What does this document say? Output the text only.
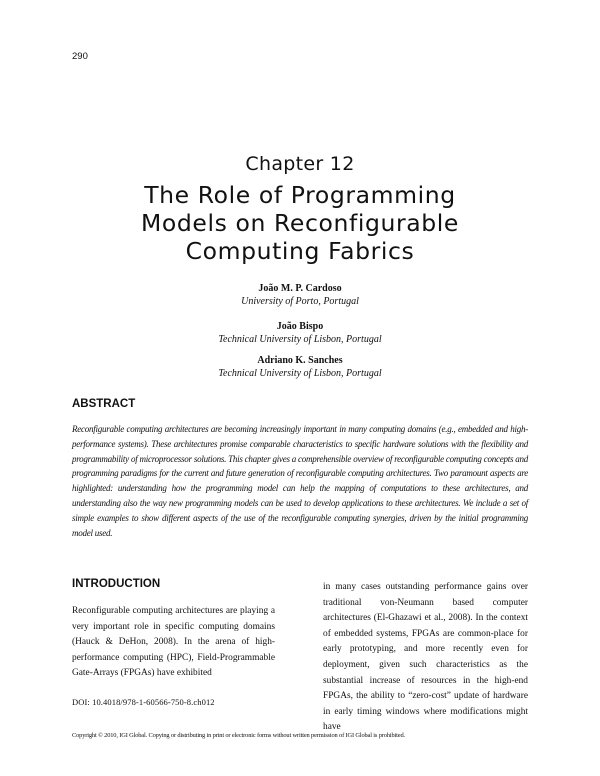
290
Chapter 12
The Role of Programming
Models on Reconfigurable
Computing Fabrics
João M. P. Cardoso
University of Porto, Portugal
João Bispo
Technical University of Lisbon, Portugal
Adriano K. Sanches
Technical University of Lisbon, Portugal
ABSTRACT
Reconfigurable computing architectures are becoming increasingly important in many computing domains (e.g., embedded and high-performance systems). These architectures promise comparable characteristics to specific hardware solutions with the flexibility and programmability of microprocessor solutions. This chapter gives a comprehensible overview of reconfigurable computing concepts and programming paradigms for the current and future generation of reconfigurable computing architectures. Two paramount aspects are highlighted: understanding how the programming model can help the mapping of computations to these architectures, and understanding also the way new programming models can be used to develop applications to these architectures. We include a set of simple examples to show different aspects of the use of the reconfigurable computing synergies, driven by the initial programming model used.
INTRODUCTION
Reconfigurable computing architectures are playing a very important role in specific computing domains (Hauck & DeHon, 2008). In the arena of high-performance computing (HPC), Field-Programmable Gate-Arrays (FPGAs) have exhibited
in many cases outstanding performance gains over traditional von-Neumann based computer architectures (El-Ghazawi et al., 2008). In the context of embedded systems, FPGAs are common-place for early prototyping, and more recently even for deployment, given such characteristics as the substantial increase of resources in the high-end FPGAs, the ability to “zero-cost” update of hardware in early timing windows where modifications might have
DOI: 10.4018/978-1-60566-750-8.ch012
Copyright © 2010, IGI Global. Copying or distributing in print or electronic forms without written permission of IGI Global is prohibited.
